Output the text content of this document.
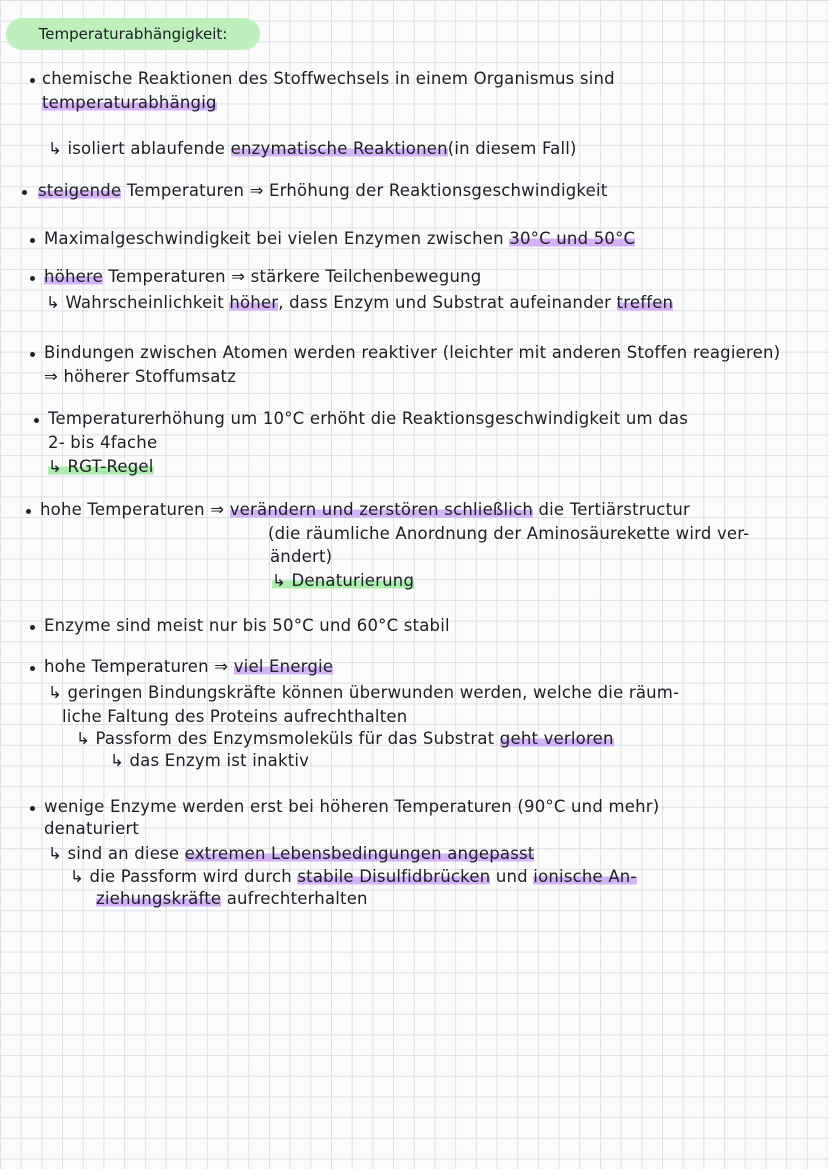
Temperaturabhängigkeit:
chemische Reaktionen des Stoffwechsels in einem Organismus sind
temperaturabhängig
↳ isoliert ablaufende enzymatische Reaktionen(in diesem Fall)
steigende Temperaturen ⇒ Erhöhung der Reaktionsgeschwindigkeit
Maximalgeschwindigkeit bei vielen Enzymen zwischen 30°C und 50°C
höhere Temperaturen ⇒ stärkere Teilchenbewegung
↳ Wahrscheinlichkeit höher, dass Enzym und Substrat aufeinander treffen
Bindungen zwischen Atomen werden reaktiver (leichter mit anderen Stoffen reagieren)
⇒ höherer Stoffumsatz
Temperaturerhöhung um 10°C erhöht die Reaktionsgeschwindigkeit um das
2- bis 4fache
↳ RGT-Regel
hohe Temperaturen ⇒ verändern und zerstören schließlich die Tertiärstructur
(die räumliche Anordnung der Aminosäurekette wird ver-
ändert)
↳ Denaturierung
Enzyme sind meist nur bis 50°C und 60°C stabil
hohe Temperaturen ⇒ viel Energie
↳ geringen Bindungskräfte können überwunden werden, welche die räum-
liche Faltung des Proteins aufrechthalten
↳ Passform des Enzymsmoleküls für das Substrat geht verloren
↳ das Enzym ist inaktiv
wenige Enzyme werden erst bei höheren Temperaturen (90°C und mehr)
denaturiert
↳ sind an diese extremen Lebensbedingungen angepasst
↳ die Passform wird durch stabile Disulfidbrücken und ionische An-
ziehungskräfte aufrechterhalten
